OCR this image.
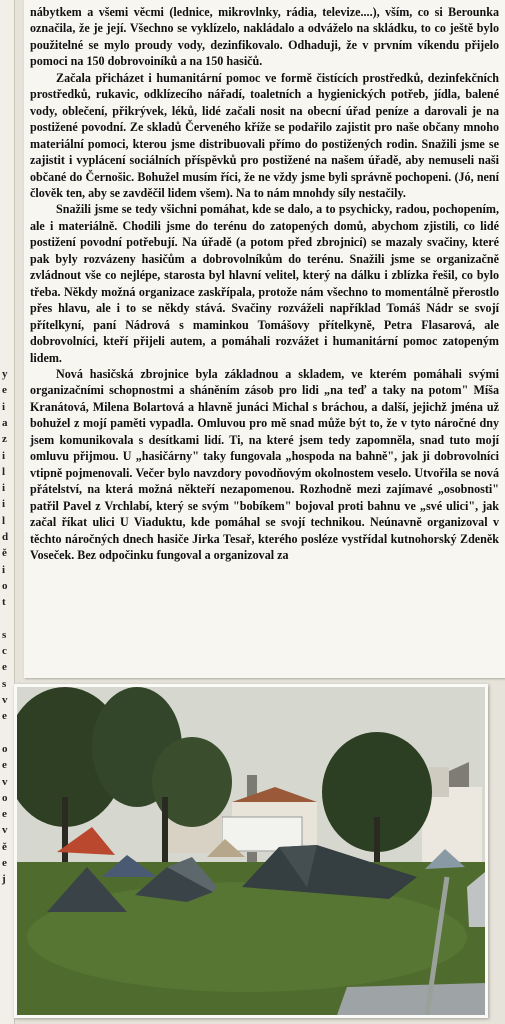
y
e
i
a
z
i
l
i
i
l
d
ě
i
o
t
s
c
e
s
v
e
o
e
v
o
e
v
ě
e
j

nábytkem a všemi věcmi (lednice, mikrovlnky, rádia, televize....), vším, co si Berounka označila, že je její. Všechno se vyklízelo, nakládalo a odváželo na skládku, to co ještě bylo použitelné se mylo proudy vody, dezinfikovalo. Odhaduji, že v prvním víkendu přijelo pomoci na 150 dobrovoiníků a na 150 hasičů.

Začala přicházet i humanitární pomoc ve formě čistících prostředků, dezinfekčních prostředků, rukavic, odklízecího nářadí, toaletních a hygienických potřeb, jídla, balené vody, oblečení, přikrývek, léků, lidé začali nosit na obecní úřad peníze a darovali je na postižené povodní. Ze skladů Červeného kříže se podařilo zajistit pro naše občany mnoho materiální pomoci, kterou jsme distribuovali přímo do postižených rodin. Snažili jsme se zajistit i vyplácení sociálních příspěvků pro postižené na našem úřadě, aby nemuseli naši občané do Černošic. Bohužel musím říci, že ne vždy jsme byli správně pochopeni. (Jó, není člověk ten, aby se zavděčil lidem všem). Na to nám mnohdy síly nestačily.

Snažili jsme se tedy všichni pomáhat, kde se dalo, a to psychicky, radou, pochopením, ale i materiálně. Chodili jsme do terénu do zatopených domů, abychom zjistili, co lidé postižení povodní potřebují. Na úřadě (a potom před zbrojnicí) se mazaly svačiny, které pak byly rozvázeny hasičům a dobrovolníkům do terénu. Snažili jsme se organizačně zvládnout vše co nejlépe, starosta byl hlavní velitel, který na dálku i zblízka řešil, co bylo třeba. Někdy možná organizace zaskřípala, protože nám všechno to momentálně přerostlo přes hlavu, ale i to se někdy stává. Svačiny rozváželi například Tomáš Nádr se svojí přítelkyní, paní Nádrová s maminkou Tomášovy přítelkyně, Petra Flasarová, ale dobrovolníci, kteří přijeli autem, a pomáhali rozvážet i humanitární pomoc zatopeným lidem.

Nová hasičská zbrojnice byla základnou a skladem, ve kterém pomáhali svými organizačními schopnostmi a sháněním zásob pro lidi „na teď a taky na potom" Míša Kranátová, Milena Bolartová a hlavně junáci Michal s bráchou, a další, jejichž jména už bohužel z mojí paměti vypadla. Omluvou pro mě snad může být to, že v tyto náročné dny jsem komunikovala s desítkami lidí. Ti, na které jsem tedy zapomněla, snad tuto mojí omluvu přijmou. U „hasičárny" taky fungovala „hospoda na bahně", jak ji dobrovolníci vtipně pojmenovali. Večer bylo navzdory povodňovým okolnostem veselo. Utvořila se nová přátelství, na která možná někteří nezapomenou. Rozhodně mezi zajímavé „osobnosti" patřil Pavel z Vrchlabí, který se svým "bobíkem" bojoval proti bahnu ve „své ulici", jak začal říkat ulici U Viaduktu, kde pomáhal se svojí technikou. Neúnavně organizoval v těchto náročných dnech hasiče Jirka Tesař, kterého posléze vystřídal kutnohorský Zdeněk Voseček. Bez odpočinku fungoval a organizoval za
